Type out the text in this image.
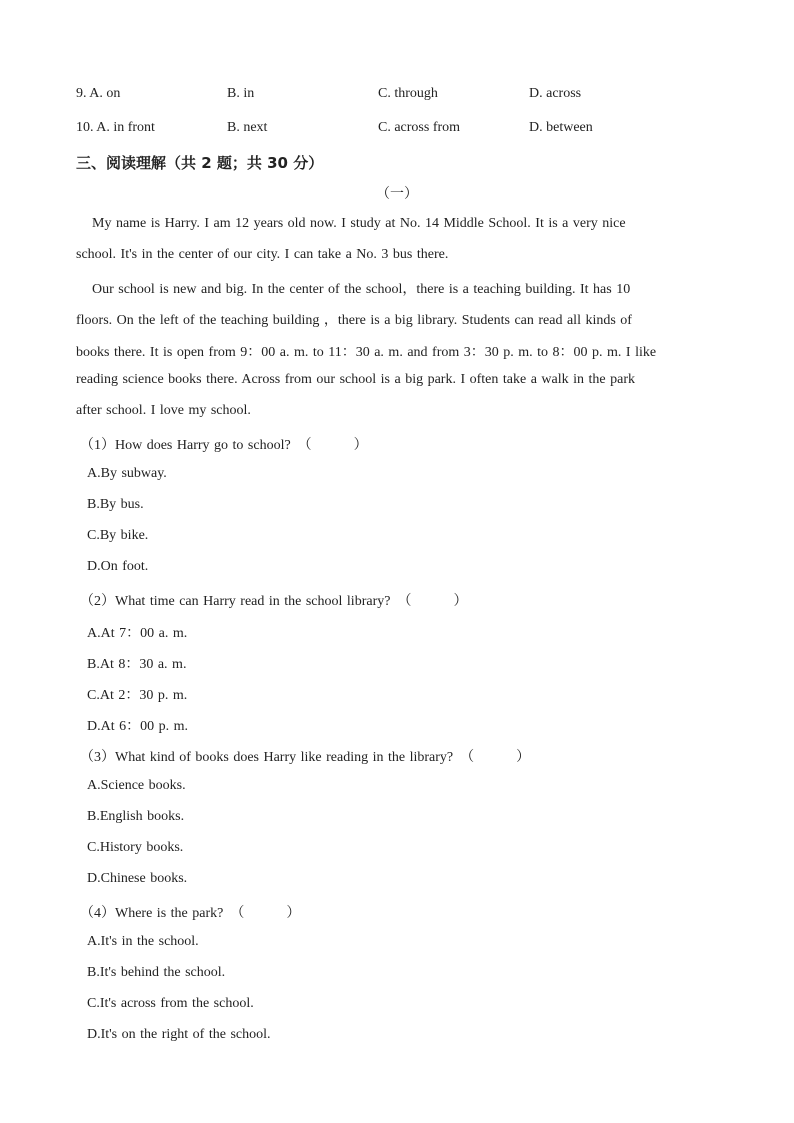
9. A. on	B. in	C. through	D. across
10. A. in front	B. next	C. across from	D. between
三、阅读理解（共 2 题；共 30 分）
（一）
My name is Harry. I am 12 years old now. I study at No. 14 Middle School. It is a very nice
school. It's in the center of our city. I can take a No. 3 bus there.
Our school is new and big. In the center of the school，there is a teaching building. It has 10
floors. On the left of the teaching building ，there is a big library. Students can read all kinds of
books there. It is open from 9：00 a. m. to 11：30 a. m. and from 3：30 p. m. to 8：00 p. m. I like
reading science books there. Across from our school is a big park. I often take a walk in the park
after school. I love my school.
（1）How does Harry go to school?　（　　　）
A.By subway.
B.By bus.
C.By bike.
D.On foot.
（2）What time can Harry read in the school library?　（　　　）
A.At 7：00 a. m.
B.At 8：30 a. m.
C.At 2：30 p. m.
D.At 6：00 p. m.
（3）What kind of books does Harry like reading in the library?　（　　　）
A.Science books.
B.English books.
C.History books.
D.Chinese books.
（4）Where is the park?　（　　　）
A.It's in the school.
B.It's behind the school.
C.It's across from the school.
D.It's on the right of the school.
